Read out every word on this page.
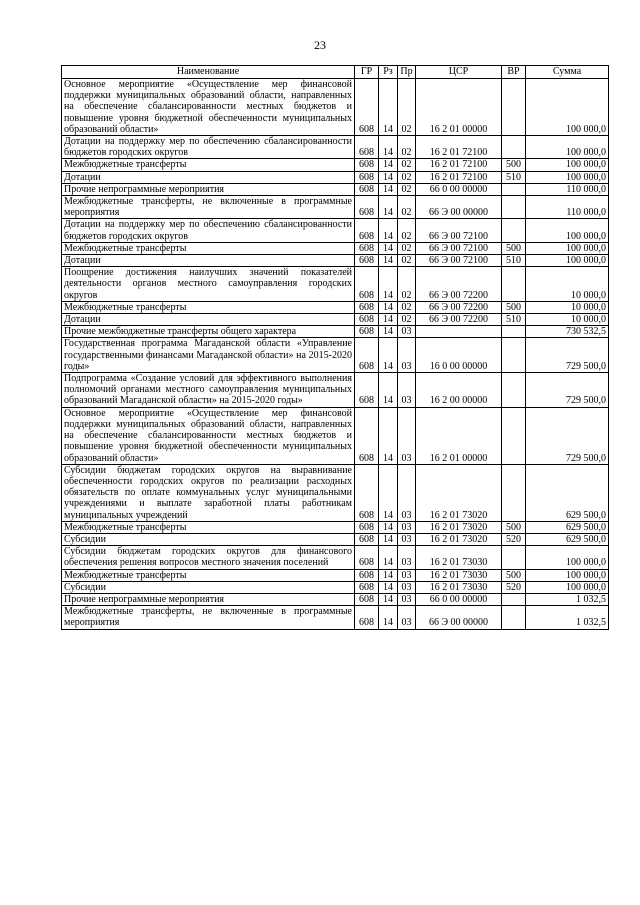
23
Наименование	ГР	Рз	Пр	ЦСР	ВР	Сумма
Основное мероприятие «Осуществление мер финансовой поддержки муниципальных образований области, направленных на обеспечение сбалансированности местных бюджетов и повышение уровня бюджетной обеспеченности муниципальных образований области»	608	14	02	16 2 01 00000		100 000,0
Дотации на поддержку мер по обеспечению сбалансированности бюджетов городских округов	608	14	02	16 2 01 72100		100 000,0
Межбюджетные трансферты	608	14	02	16 2 01 72100	500	100 000,0
Дотации	608	14	02	16 2 01 72100	510	100 000,0
Прочие непрограммные мероприятия	608	14	02	66 0 00 00000		110 000,0
Межбюджетные трансферты, не включенные в программные мероприятия	608	14	02	66 Э 00 00000		110 000,0
Дотации на поддержку мер по обеспечению сбалансированности бюджетов городских округов	608	14	02	66 Э 00 72100		100 000,0
Межбюджетные трансферты	608	14	02	66 Э 00 72100	500	100 000,0
Дотации	608	14	02	66 Э 00 72100	510	100 000,0
Поощрение достижения наилучших значений показателей деятельности органов местного самоуправления городских округов	608	14	02	66 Э 00 72200		10 000,0
Межбюджетные трансферты	608	14	02	66 Э 00 72200	500	10 000,0
Дотации	608	14	02	66 Э 00 72200	510	10 000,0
Прочие межбюджетные трансферты общего характера	608	14	03			730 532,5
Государственная программа Магаданской области «Управление государственными финансами Магаданской области» на 2015-2020 годы»	608	14	03	16 0 00 00000		729 500,0
Подпрограмма «Создание условий для эффективного выполнения полномочий органами местного самоуправления муниципальных образований Магаданской области» на 2015-2020 годы»	608	14	03	16 2 00 00000		729 500,0
Основное мероприятие «Осуществление мер финансовой поддержки муниципальных образований области, направленных на обеспечение сбалансированности местных бюджетов и повышение уровня бюджетной обеспеченности муниципальных образований области»	608	14	03	16 2 01 00000		729 500,0
Субсидии бюджетам городских округов на выравнивание обеспеченности городских округов по реализации расходных обязательств по оплате коммунальных услуг муниципальными учреждениями и выплате заработной платы работникам муниципальных учреждений	608	14	03	16 2 01 73020		629 500,0
Межбюджетные трансферты	608	14	03	16 2 01 73020	500	629 500,0
Субсидии	608	14	03	16 2 01 73020	520	629 500,0
Субсидии бюджетам городских округов для финансового обеспечения решения вопросов местного значения поселений	608	14	03	16 2 01 73030		100 000,0
Межбюджетные трансферты	608	14	03	16 2 01 73030	500	100 000,0
Субсидии	608	14	03	16 2 01 73030	520	100 000,0
Прочие непрограммные мероприятия	608	14	03	66 0 00 00000		1 032,5
Межбюджетные трансферты, не включенные в программные мероприятия	608	14	03	66 Э 00 00000		1 032,5
